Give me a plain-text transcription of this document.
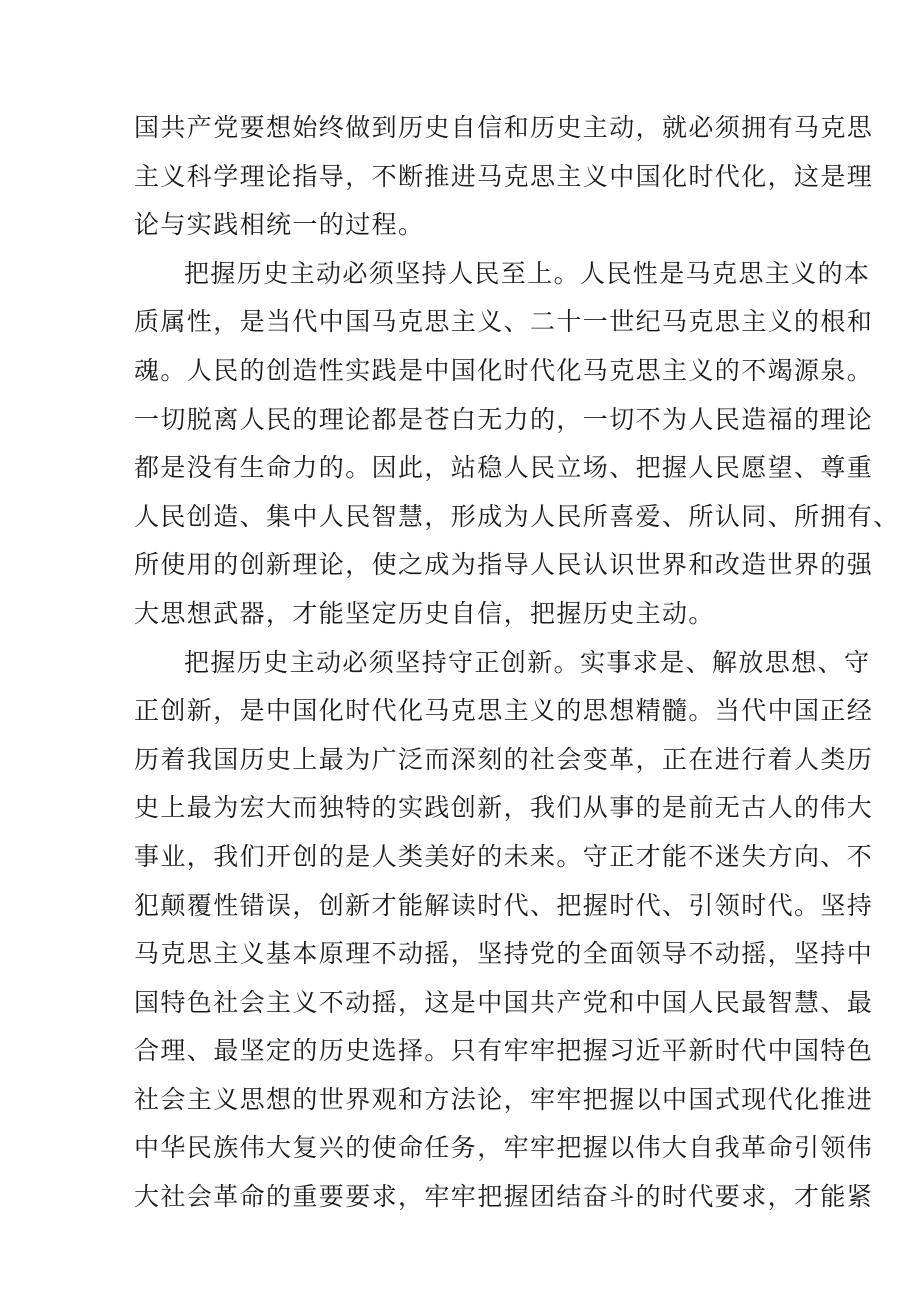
国共产党要想始终做到历史自信和历史主动，就必须拥有马克思
主义科学理论指导，不断推进马克思主义中国化时代化，这是理
论与实践相统一的过程。
把握历史主动必须坚持人民至上。人民性是马克思主义的本
质属性，是当代中国马克思主义、二十一世纪马克思主义的根和
魂。人民的创造性实践是中国化时代化马克思主义的不竭源泉。
一切脱离人民的理论都是苍白无力的，一切不为人民造福的理论
都是没有生命力的。因此，站稳人民立场、把握人民愿望、尊重
人民创造、集中人民智慧，形成为人民所喜爱、所认同、所拥有、
所使用的创新理论，使之成为指导人民认识世界和改造世界的强
大思想武器，才能坚定历史自信，把握历史主动。
把握历史主动必须坚持守正创新。实事求是、解放思想、守
正创新，是中国化时代化马克思主义的思想精髓。当代中国正经
历着我国历史上最为广泛而深刻的社会变革，正在进行着人类历
史上最为宏大而独特的实践创新，我们从事的是前无古人的伟大
事业，我们开创的是人类美好的未来。守正才能不迷失方向、不
犯颠覆性错误，创新才能解读时代、把握时代、引领时代。坚持
马克思主义基本原理不动摇，坚持党的全面领导不动摇，坚持中
国特色社会主义不动摇，这是中国共产党和中国人民最智慧、最
合理、最坚定的历史选择。只有牢牢把握习近平新时代中国特色
社会主义思想的世界观和方法论，牢牢把握以中国式现代化推进
中华民族伟大复兴的使命任务，牢牢把握以伟大自我革命引领伟
大社会革命的重要要求，牢牢把握团结奋斗的时代要求，才能紧
